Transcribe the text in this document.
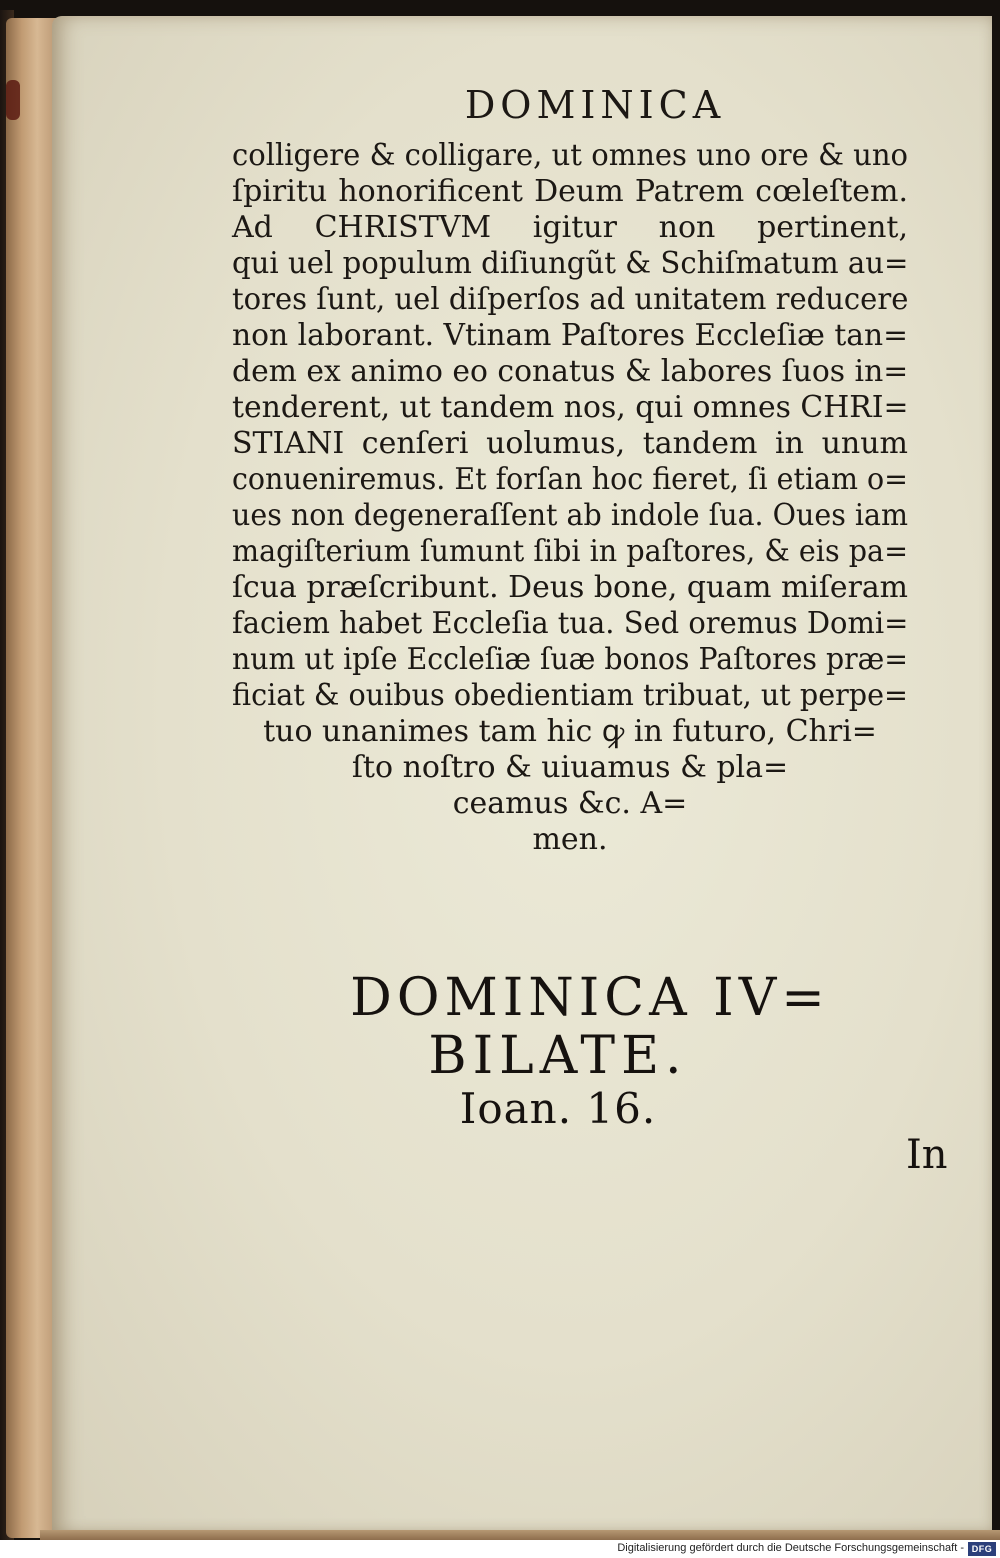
DOMINICA
colligere & colligare, ut omnes uno ore & uno
ſpiritu honorificent Deum Patrem cœleſtem.
Ad CHRISTVM igitur non pertinent,
qui uel populum diſiungũt & Schiſmatum au=
tores ſunt, uel diſperſos ad unitatem reducere
non laborant. Vtinam Paſtores Eccleſiæ tan=
dem ex animo eo conatus & labores ſuos in=
tenderent, ut tandem nos, qui omnes CHRI=
STIANI cenſeri uolumus, tandem in unum
conueniremus. Et forſan hoc fieret, ſi etiam o=
ues non degeneraſſent ab indole ſua. Oues iam
magiſterium ſumunt ſibi in paſtores, & eis pa=
ſcua præſcribunt. Deus bone, quam miſeram
faciem habet Eccleſia tua. Sed oremus Domi=
num ut ipſe Eccleſiæ ſuæ bonos Paſtores præ=
ficiat & ouibus obedientiam tribuat, ut perpe=
tuo unanimes tam hic ꝙ in futuro, Chri=
ſto noſtro & uiuamus & pla=
ceamus &c. A=
men.
DOMINICA IV=
BILATE.
Ioan. 16.
In
Digitalisierung gefördert durch die Deutsche Forschungsgemeinschaft - DFG
